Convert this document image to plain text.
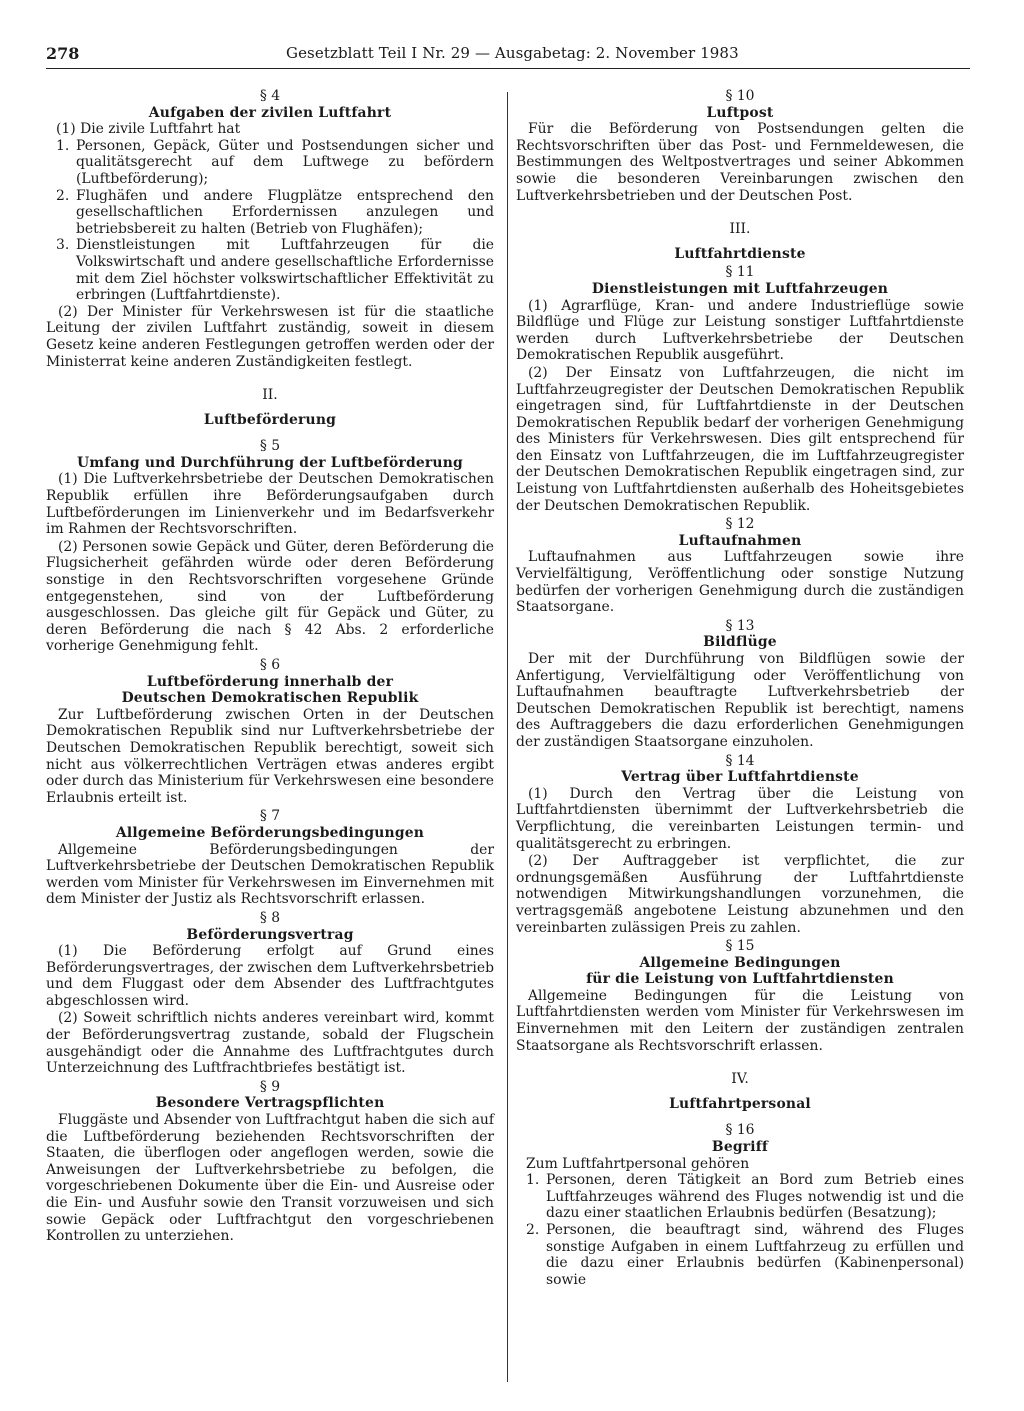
278	Gesetzblatt Teil I Nr. 29 — Ausgabetag: 2. November 1983
§ 4
Aufgaben der zivilen Luftfahrt

(1) Die zivile Luftfahrt hat

1. Personen, Gepäck, Güter und Postsendungen sicher und qualitätsgerecht auf dem Luftwege zu befördern (Luftbeförderung);
2. Flughäfen und andere Flugplätze entsprechend den gesellschaftlichen Erfordernissen anzulegen und betriebsbereit zu halten (Betrieb von Flughäfen);
3. Dienstleistungen mit Luftfahrzeugen für die Volkswirtschaft und andere gesellschaftliche Erfordernisse mit dem Ziel höchster volkswirtschaftlicher Effektivität zu erbringen (Luftfahrtdienste).

(2) Der Minister für Verkehrswesen ist für die staatliche Leitung der zivilen Luftfahrt zuständig, soweit in diesem Gesetz keine anderen Festlegungen getroffen werden oder der Ministerrat keine anderen Zuständigkeiten festlegt.

II.
Luftbeförderung
§ 5
Umfang und Durchführung der Luftbeförderung

(1) Die Luftverkehrsbetriebe der Deutschen Demokratischen Republik erfüllen ihre Beförderungsaufgaben durch Luftbeförderungen im Linienverkehr und im Bedarfsverkehr im Rahmen der Rechtsvorschriften.

(2) Personen sowie Gepäck und Güter, deren Beförderung die Flugsicherheit gefährden würde oder deren Beförderung sonstige in den Rechtsvorschriften vorgesehene Gründe entgegenstehen, sind von der Luftbeförderung ausgeschlossen. Das gleiche gilt für Gepäck und Güter, zu deren Beförderung die nach § 42 Abs. 2 erforderliche vorherige Genehmigung fehlt.

§ 6
Luftbeförderung innerhalb der
Deutschen Demokratischen Republik

Zur Luftbeförderung zwischen Orten in der Deutschen Demokratischen Republik sind nur Luftverkehrsbetriebe der Deutschen Demokratischen Republik berechtigt, soweit sich nicht aus völkerrechtlichen Verträgen etwas anderes ergibt oder durch das Ministerium für Verkehrswesen eine besondere Erlaubnis erteilt ist.

§ 7
Allgemeine Beförderungsbedingungen

Allgemeine Beförderungsbedingungen der Luftverkehrsbetriebe der Deutschen Demokratischen Republik werden vom Minister für Verkehrswesen im Einvernehmen mit dem Minister der Justiz als Rechtsvorschrift erlassen.

§ 8
Beförderungsvertrag

(1) Die Beförderung erfolgt auf Grund eines Beförderungsvertrages, der zwischen dem Luftverkehrsbetrieb und dem Fluggast oder dem Absender des Luftfrachtgutes abgeschlossen wird.

(2) Soweit schriftlich nichts anderes vereinbart wird, kommt der Beförderungsvertrag zustande, sobald der Flugschein ausgehändigt oder die Annahme des Luftfrachtgutes durch Unterzeichnung des Luftfrachtbriefes bestätigt ist.

§ 9
Besondere Vertragspflichten

Fluggäste und Absender von Luftfrachtgut haben die sich auf die Luftbeförderung beziehenden Rechtsvorschriften der Staaten, die überflogen oder angeflogen werden, sowie die Anweisungen der Luftverkehrsbetriebe zu befolgen, die vorgeschriebenen Dokumente über die Ein- und Ausreise oder die Ein- und Ausfuhr sowie den Transit vorzuweisen und sich sowie Gepäck oder Luftfrachtgut den vorgeschriebenen Kontrollen zu unterziehen.

§ 10
Luftpost

Für die Beförderung von Postsendungen gelten die Rechtsvorschriften über das Post- und Fernmeldewesen, die Bestimmungen des Weltpostvertrages und seiner Abkommen sowie die besonderen Vereinbarungen zwischen den Luftverkehrsbetrieben und der Deutschen Post.

III.
Luftfahrtdienste
§ 11
Dienstleistungen mit Luftfahrzeugen

(1) Agrarflüge, Kran- und andere Industrieflüge sowie Bildflüge und Flüge zur Leistung sonstiger Luftfahrtdienste werden durch Luftverkehrsbetriebe der Deutschen Demokratischen Republik ausgeführt.

(2) Der Einsatz von Luftfahrzeugen, die nicht im Luftfahrzeugregister der Deutschen Demokratischen Republik eingetragen sind, für Luftfahrtdienste in der Deutschen Demokratischen Republik bedarf der vorherigen Genehmigung des Ministers für Verkehrswesen. Dies gilt entsprechend für den Einsatz von Luftfahrzeugen, die im Luftfahrzeugregister der Deutschen Demokratischen Republik eingetragen sind, zur Leistung von Luftfahrtdiensten außerhalb des Hoheitsgebietes der Deutschen Demokratischen Republik.

§ 12
Luftaufnahmen

Luftaufnahmen aus Luftfahrzeugen sowie ihre Vervielfältigung, Veröffentlichung oder sonstige Nutzung bedürfen der vorherigen Genehmigung durch die zuständigen Staatsorgane.

§ 13
Bildflüge

Der mit der Durchführung von Bildflügen sowie der Anfertigung, Vervielfältigung oder Veröffentlichung von Luftaufnahmen beauftragte Luftverkehrsbetrieb der Deutschen Demokratischen Republik ist berechtigt, namens des Auftraggebers die dazu erforderlichen Genehmigungen der zuständigen Staatsorgane einzuholen.

§ 14
Vertrag über Luftfahrtdienste

(1) Durch den Vertrag über die Leistung von Luftfahrtdiensten übernimmt der Luftverkehrsbetrieb die Verpflichtung, die vereinbarten Leistungen termin- und qualitätsgerecht zu erbringen.

(2) Der Auftraggeber ist verpflichtet, die zur ordnungsgemäßen Ausführung der Luftfahrtdienste notwendigen Mitwirkungshandlungen vorzunehmen, die vertragsgemäß angebotene Leistung abzunehmen und den vereinbarten zulässigen Preis zu zahlen.

§ 15
Allgemeine Bedingungen
für die Leistung von Luftfahrtdiensten

Allgemeine Bedingungen für die Leistung von Luftfahrtdiensten werden vom Minister für Verkehrswesen im Einvernehmen mit den Leitern der zuständigen zentralen Staatsorgane als Rechtsvorschrift erlassen.

IV.
Luftfahrtpersonal
§ 16
Begriff

Zum Luftfahrtpersonal gehören

1. Personen, deren Tätigkeit an Bord zum Betrieb eines Luftfahrzeuges während des Fluges notwendig ist und die dazu einer staatlichen Erlaubnis bedürfen (Besatzung);
2. Personen, die beauftragt sind, während des Fluges sonstige Aufgaben in einem Luftfahrzeug zu erfüllen und die dazu einer Erlaubnis bedürfen (Kabinenpersonal) sowie
